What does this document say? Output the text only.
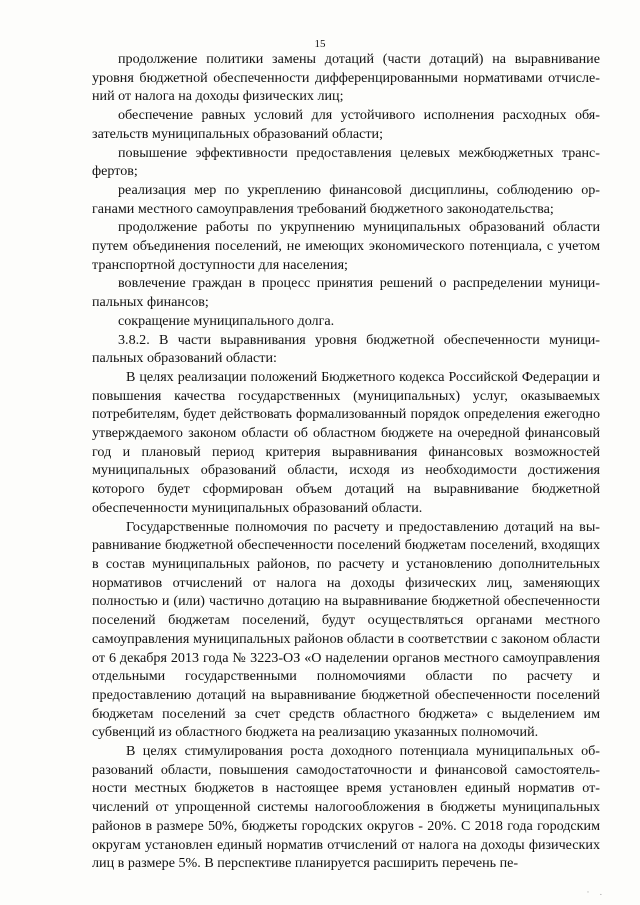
15

продолжение политики замены дотаций (части дотаций) на выравнивание уровня бюджетной обеспеченности дифференцированными нормативами отчислений от налога на доходы физических лиц;

обеспечение равных условий для устойчивого исполнения расходных обязательств муниципальных образований области;

повышение эффективности предоставления целевых межбюджетных трансфертов;

реализация мер по укреплению финансовой дисциплины, соблюдению органами местного самоуправления требований бюджетного законодательства;

продолжение работы по укрупнению муниципальных образований области путем объединения поселений, не имеющих экономического потенциала, с учетом транспортной доступности для населения;

вовлечение граждан в процесс принятия решений о распределении муниципальных финансов;

сокращение муниципального долга.

3.8.2. В части выравнивания уровня бюджетной обеспеченности муниципальных образований области:

В целях реализации положений Бюджетного кодекса Российской Федерации и повышения качества государственных (муниципальных) услуг, оказываемых потребителям, будет действовать формализованный порядок определения ежегодно утверждаемого законом области об областном бюджете на очередной финансовый год и плановый период критерия выравнивания финансовых возможностей муниципальных образований области, исходя из необходимости достижения которого будет сформирован объем дотаций на выравнивание бюджетной обеспеченности муниципальных образований области.

Государственные полномочия по расчету и предоставлению дотаций на выравнивание бюджетной обеспеченности поселений бюджетам поселений, входящих в состав муниципальных районов, по расчету и установлению дополнительных нормативов отчислений от налога на доходы физических лиц, заменяющих полностью и (или) частично дотацию на выравнивание бюджетной обеспеченности поселений бюджетам поселений, будут осуществляться органами местного самоуправления муниципальных районов области в соответствии с законом области от 6 декабря 2013 года № 3223-ОЗ «О наделении органов местного самоуправления отдельными государственными полномочиями области по расчету и предоставлению дотаций на выравнивание бюджетной обеспеченности поселений бюджетам поселений за счет средств областного бюджета» с выделением им субвенций из областного бюджета на реализацию указанных полномочий.

В целях стимулирования роста доходного потенциала муниципальных образований области, повышения самодостаточности и финансовой самостоятельности местных бюджетов в настоящее время установлен единый норматив отчислений от упрощенной системы налогообложения в бюджеты муниципальных районов в размере 50%, бюджеты городских округов - 20%. С 2018 года городским округам установлен единый норматив отчислений от налога на доходы физических лиц в размере 5%. В перспективе планируется расширить перечень пе-

· .
